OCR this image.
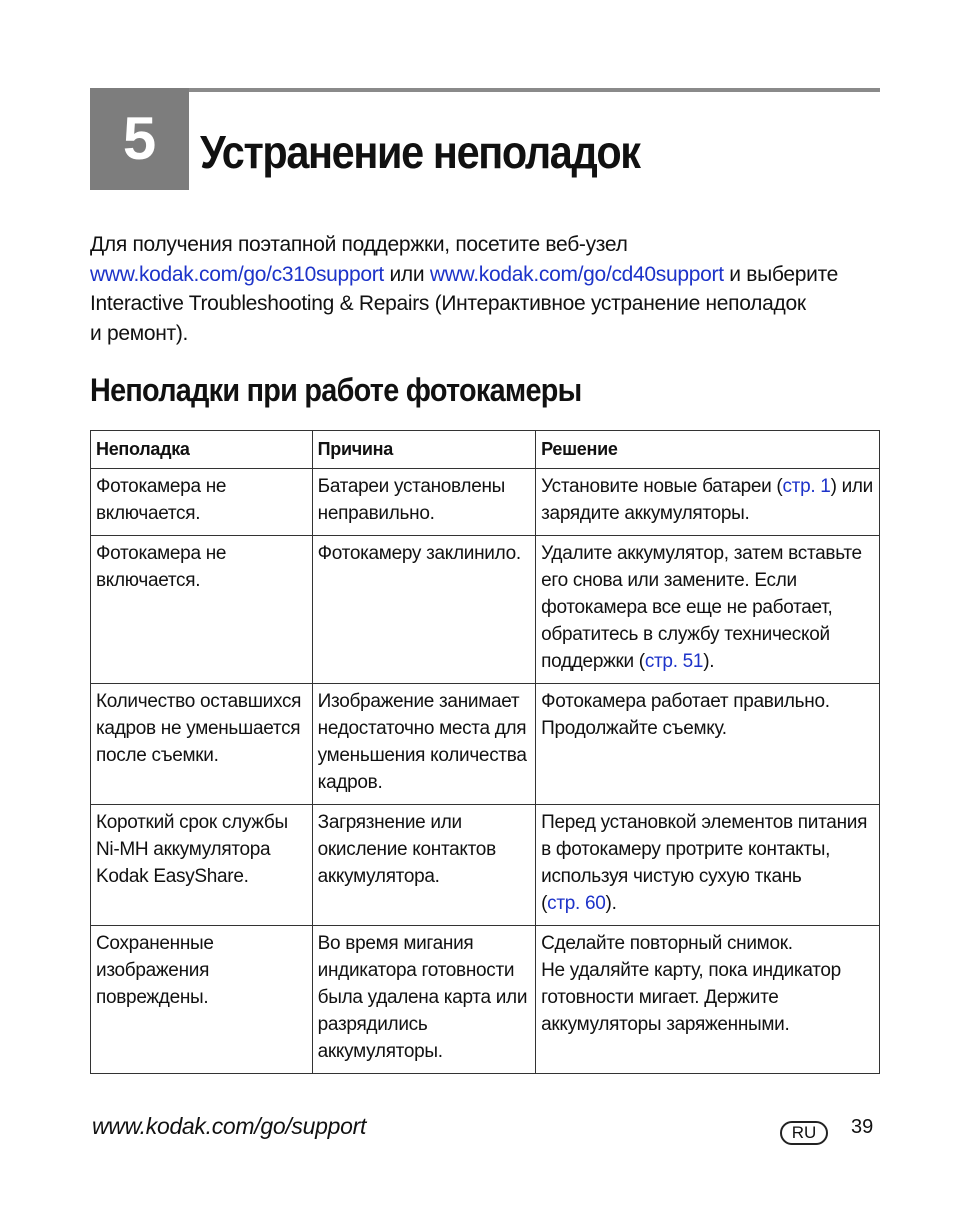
5 Устранение неполадок

Для получения поэтапной поддержки, посетите веб-узел
www.kodak.com/go/c310support или www.kodak.com/go/cd40support и выберите
Interactive Troubleshooting & Repairs (Интерактивное устранение неполадок
и ремонт).

Неполадки при работе фотокамеры
Неполадка	Причина	Решение

Фотокамера не
включается.	Батареи установлены
неправильно.	Установите новые батареи (стр. 1) или
зарядите аккумуляторы.

Фотокамера не
включается.	Фотокамеру заклинило.	Удалите аккумулятор, затем вставьте
его снова или замените. Если
фотокамера все еще не работает,
обратитесь в службу технической
поддержки (стр. 51).

Количество оставшихся
кадров не уменьшается
после съемки.	Изображение занимает
недостаточно места для
уменьшения количества
кадров.	Фотокамера работает правильно.
Продолжайте съемку.

Короткий срок службы
Ni-MH аккумулятора
Kodak EasyShare.	Загрязнение или
окисление контактов
аккумулятора.	Перед установкой элементов питания
в фотокамеру протрите контакты,
используя чистую сухую ткань
(стр. 60).

Сохраненные
изображения
повреждены.	Во время мигания
индикатора готовности
была удалена карта или
разрядились
аккумуляторы.	Сделайте повторный снимок.
Не удаляйте карту, пока индикатор
готовности мигает. Держите
аккумуляторы заряженными.
www.kodak.com/go/support	RU	39
